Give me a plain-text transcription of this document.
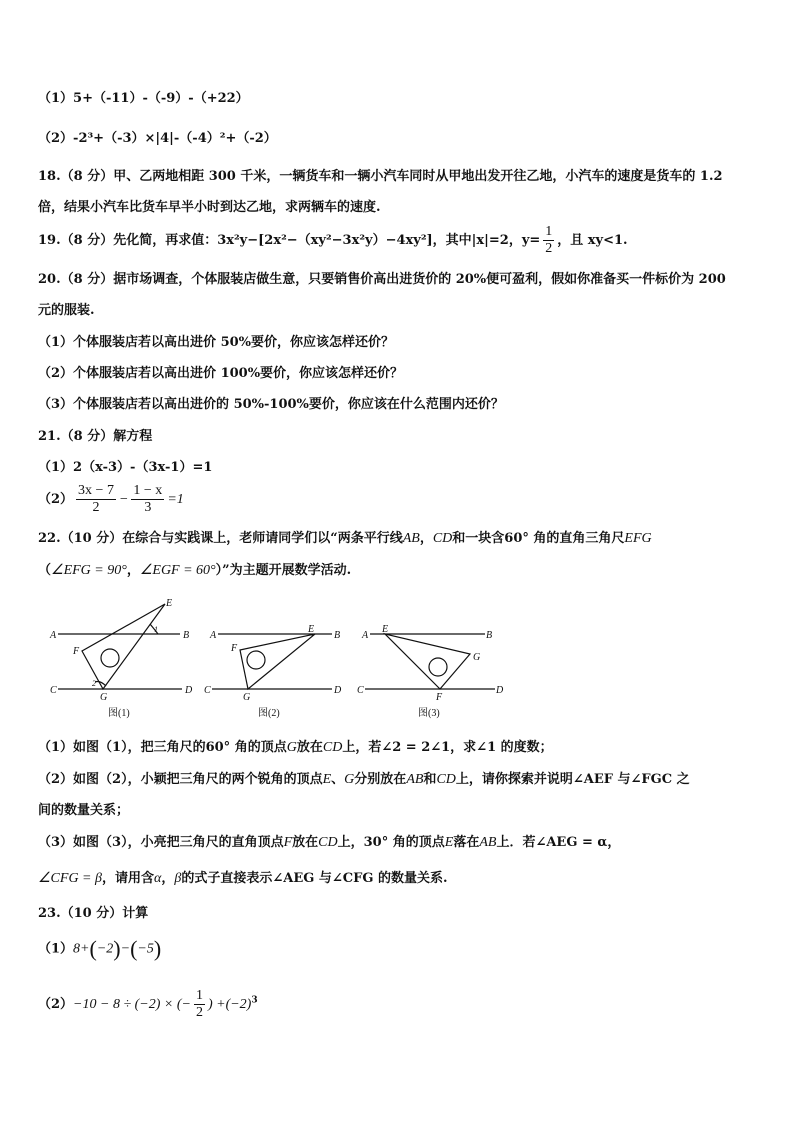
（1）5+（-11）-（-9）-（+22）
（2）-2³+（-3）×|4|-（-4）²+（-2）
18.（8 分）甲、乙两地相距 300 千米，一辆货车和一辆小汽车同时从甲地出发开往乙地，小汽车的速度是货车的 1.2
倍，结果小汽车比货车早半小时到达乙地，求两辆车的速度.
19.（8 分）先化简，再求值：3x²y−[2x²−（xy²−3x²y）−4xy²]，其中|x|=2，$y= \frac{1}{2}$ ，且 xy<1.
20.（8 分）据市场调查，个体服装店做生意，只要销售价高出进货价的 20%便可盈利，假如你准备买一件标价为 200
元的服装.
（1）个体服装店若以高出进价 50%要价，你应该怎样还价？
（2）个体服装店若以高出进价 100%要价，你应该怎样还价？
（3）个体服装店若以高出进价的 50%-100%要价，你应该在什么范围内还价？
21.（8 分）解方程
（1）2（x-3）-（3x-1）=1
$(2) \frac{3x - 7}{2} - \frac{1 - x}{3} =1$
22.（10 分）在综合与实践课上，老师请同学们以“两条平行线AB，CD和一块含60° 角的直角三角尺EFG
（∠EFG = 90°，∠EGF = 60°）”为主题开展数学活动.
A	B
C	D
E
F
G
1
2
图(1)
A	B
C	D
E
F
G
图(2)
A	B
C	D
E
F
G
图(3)
（1）如图（1），把三角尺的60° 角的顶点G放在CD上，若∠2 = 2∠1，求∠1 的度数；
（2）如图（2），小颖把三角尺的两个锐角的顶点E、G分别放在AB和CD上，请你探索并说明∠AEF 与∠FGC 之
间的数量关系；
（3）如图（3），小亮把三角尺的直角顶点F放在CD上，30° 角的顶点E落在AB上．若∠AEG = α，
∠CFG = β，请用含α，β的式子直接表示∠AEG 与∠CFG 的数量关系.
23.（10 分）计算
（1）8+(−2)−(−5)
（2）−10 − 8 ÷ (−2) × (− $\frac{1}{2}$ ) $+(-2)^3$
